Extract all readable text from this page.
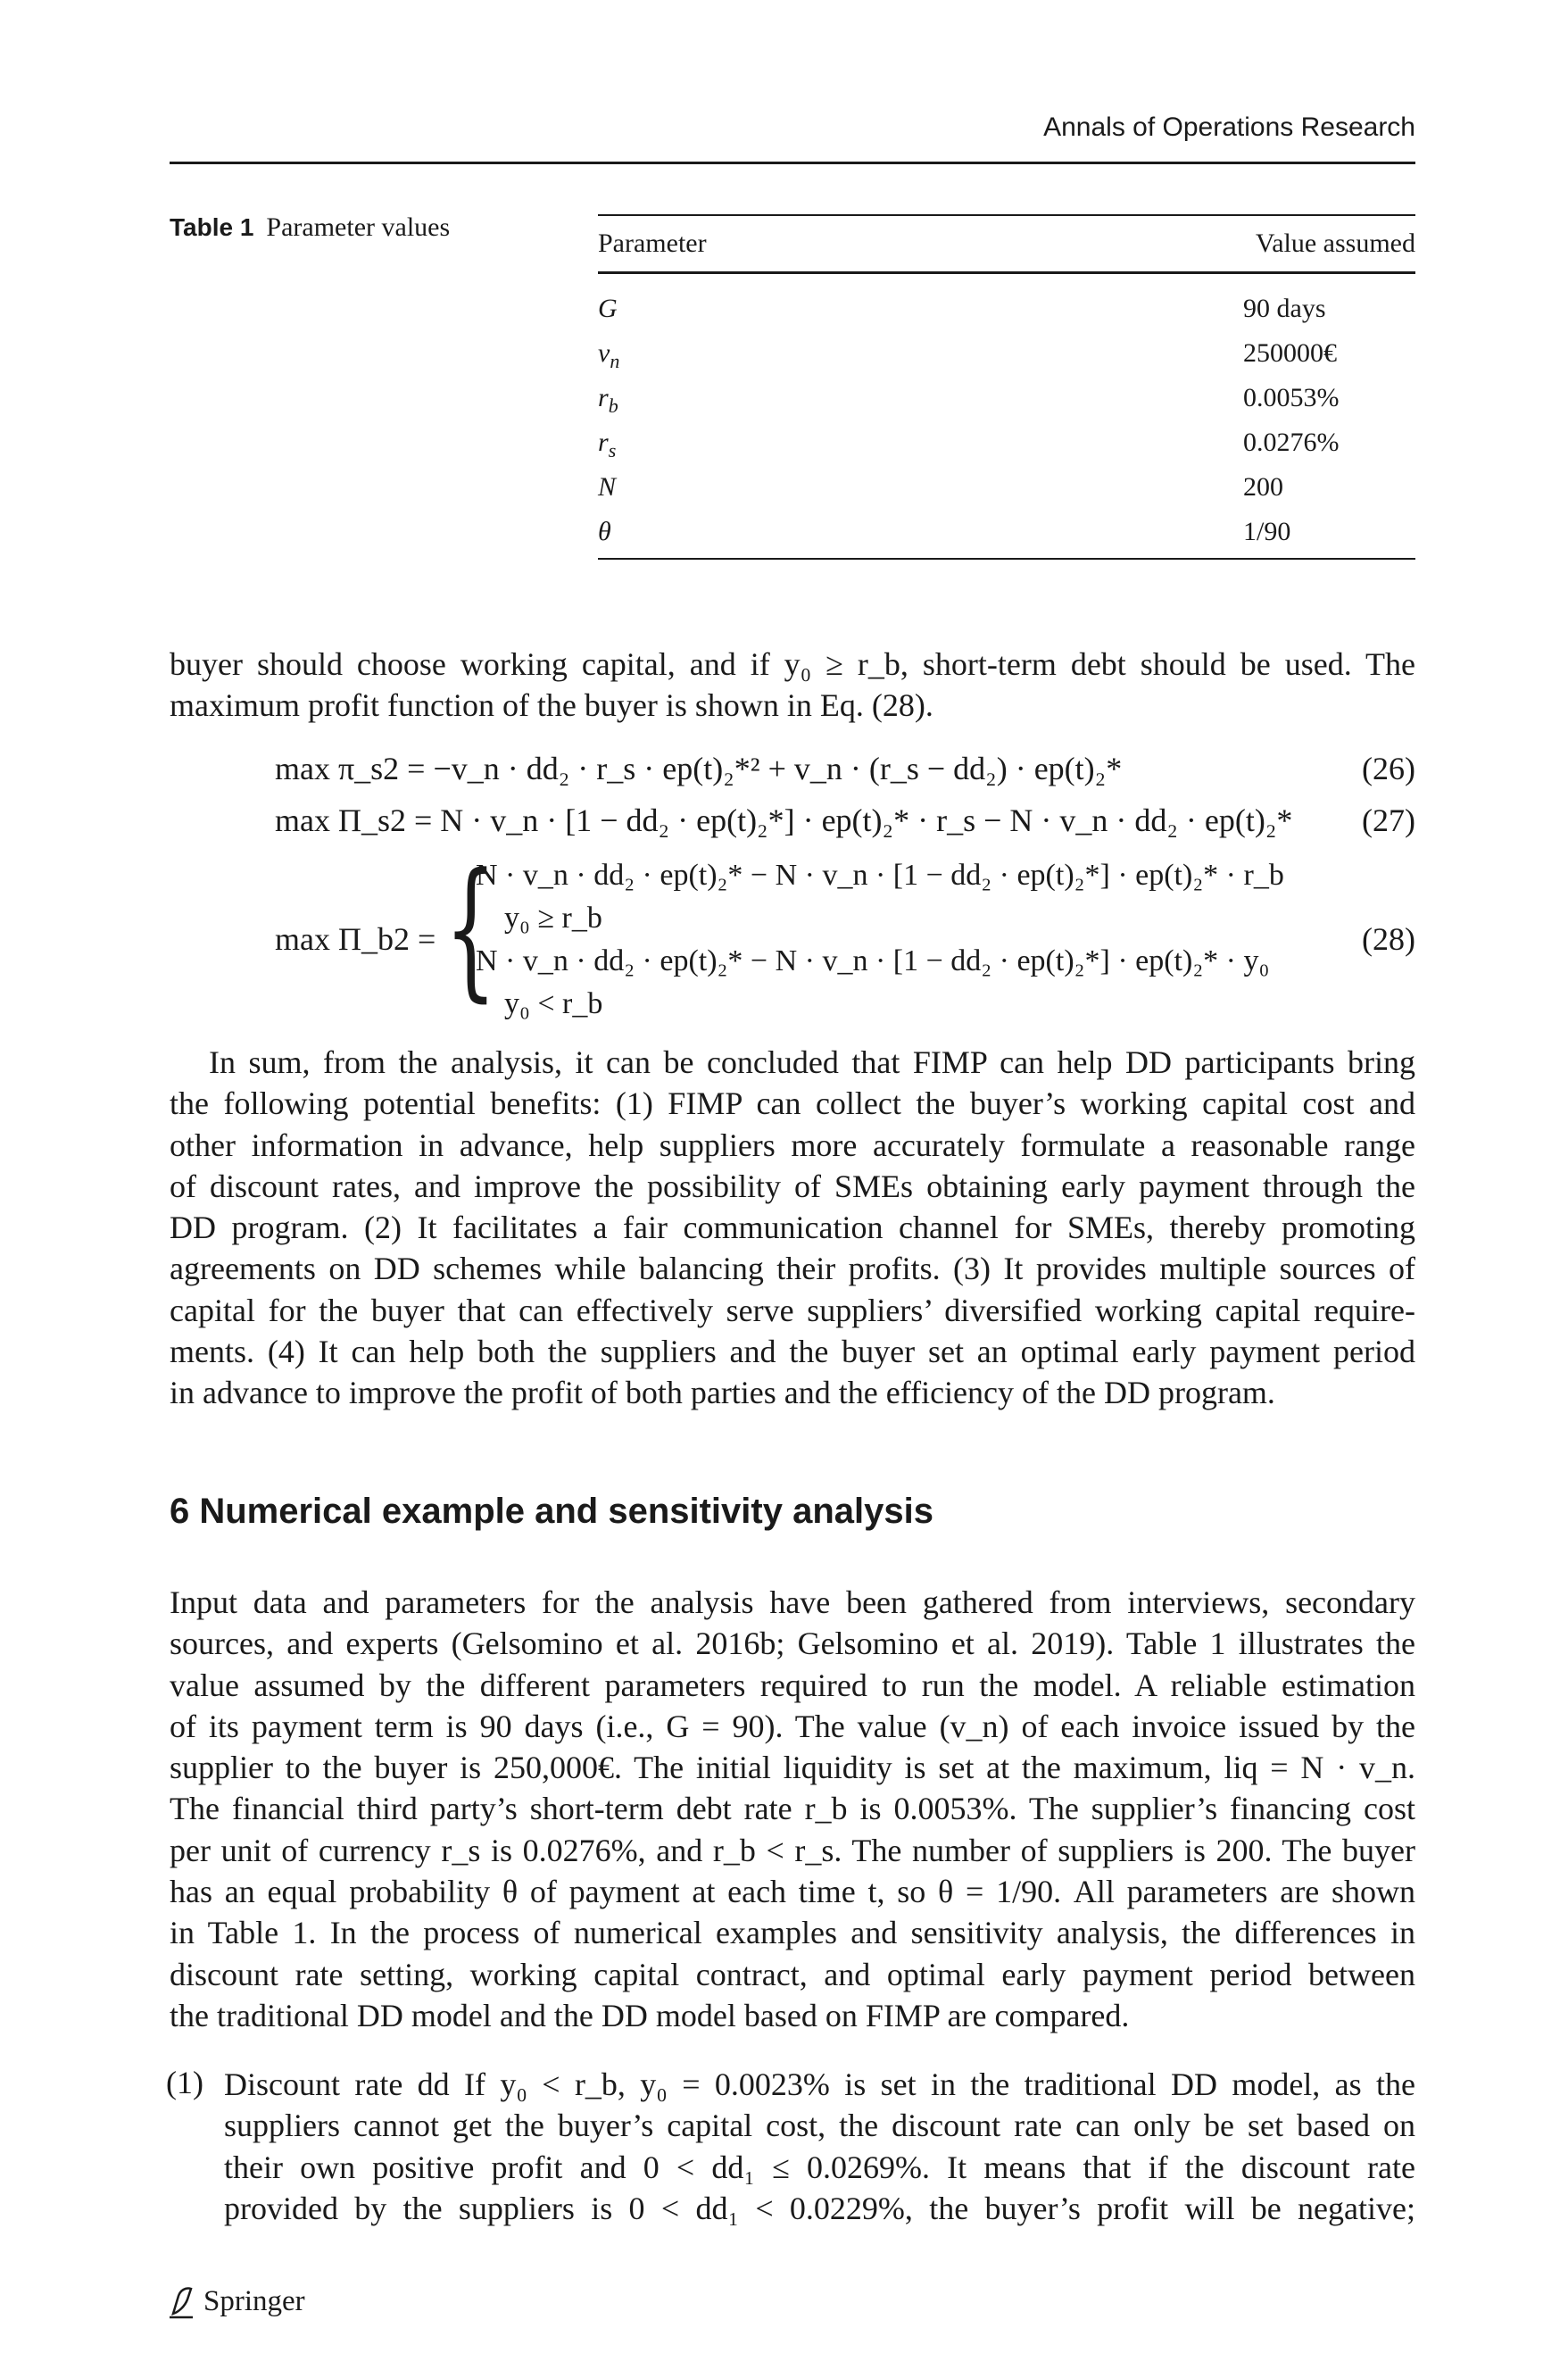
Annals of Operations Research
Table 1 Parameter values
Parameter	Value assumed
G	90 days
$v_n$	250000€
$r_b$	0.0053%
$r_s$	0.0276%
N	200
θ	1/90
buyer should choose working capital, and if y₀ ≥ r_b, short-term debt should be used. The
maximum profit function of the buyer is shown in Eq. (28).
max π_s2 = −v_n · dd₂ · r_s · ep(t)₂*² + v_n · (r_s − dd₂) · ep(t)₂*	(26)
max Π_s2 = N · v_n · [1 − dd₂ · ep(t)₂*] · ep(t)₂* · r_s − N · v_n · dd₂ · ep(t)₂* (27)
max Π_b2 = {
N · v_n · dd₂ · ep(t)₂* − N · v_n · [1 − dd₂ · ep(t)₂*] · ep(t)₂* · r_b
y₀ ≥ r_b
N · v_n · dd₂ · ep(t)₂* − N · v_n · [1 − dd₂ · ep(t)₂*] · ep(t)₂* · y₀
y₀ < r_b
(28)
In sum, from the analysis, it can be concluded that FIMP can help DD participants bring
the following potential benefits: (1) FIMP can collect the buyer’s working capital cost and
other information in advance, help suppliers more accurately formulate a reasonable range
of discount rates, and improve the possibility of SMEs obtaining early payment through the
DD program. (2) It facilitates a fair communication channel for SMEs, thereby promoting
agreements on DD schemes while balancing their profits. (3) It provides multiple sources of
capital for the buyer that can effectively serve suppliers’ diversified working capital require-
ments. (4) It can help both the suppliers and the buyer set an optimal early payment period
in advance to improve the profit of both parties and the efficiency of the DD program.
6 Numerical example and sensitivity analysis
Input data and parameters for the analysis have been gathered from interviews, secondary
sources, and experts (Gelsomino et al. 2016b; Gelsomino et al. 2019). Table 1 illustrates the
value assumed by the different parameters required to run the model. A reliable estimation
of its payment term is 90 days (i.e., G = 90). The value (v_n) of each invoice issued by the
supplier to the buyer is 250,000€. The initial liquidity is set at the maximum, liq = N · v_n.
The financial third party’s short-term debt rate r_b is 0.0053%. The supplier’s financing cost
per unit of currency r_s is 0.0276%, and r_b < r_s. The number of suppliers is 200. The buyer
has an equal probability θ of payment at each time t, so θ = 1/90. All parameters are shown
in Table 1. In the process of numerical examples and sensitivity analysis, the differences in
discount rate setting, working capital contract, and optimal early payment period between
the traditional DD model and the DD model based on FIMP are compared.
(1) Discount rate dd If y₀ < r_b, y₀ = 0.0023% is set in the traditional DD model, as the
suppliers cannot get the buyer’s capital cost, the discount rate can only be set based on
their own positive profit and 0 < dd₁ ≤ 0.0269%. It means that if the discount rate
provided by the suppliers is 0 < dd₁ < 0.0229%, the buyer’s profit will be negative;
Springer
